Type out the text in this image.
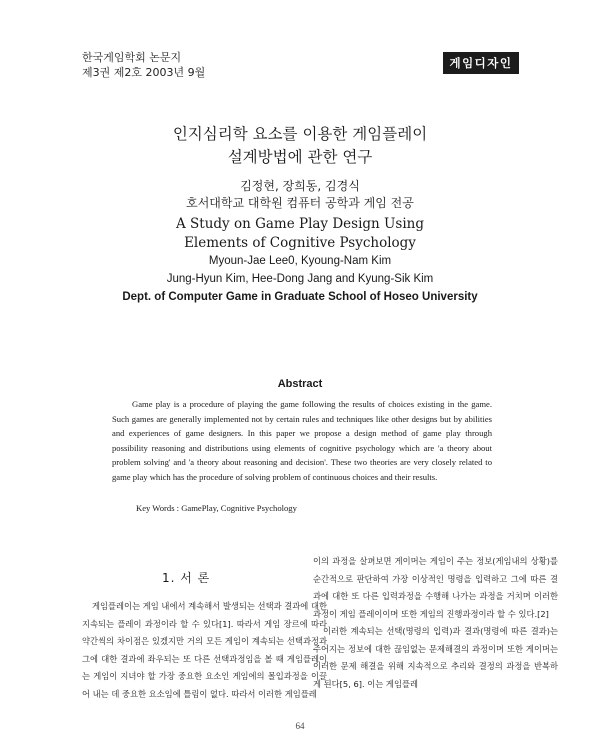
한국게임학회 논문지
제3권 제2호 2003년 9월
게임디자인
인지심리학 요소를 이용한 게임플레이
설계방법에 관한 연구
김정현, 장희동, 김경식
호서대학교 대학원 컴퓨터 공학과 게임 전공
A Study on Game Play Design Using
Elements of Cognitive Psychology
Myoun-Jae Lee0, Kyoung-Nam Kim
Jung-Hyun Kim, Hee-Dong Jang and Kyung-Sik Kim
Dept. of Computer Game in Graduate School of Hoseo University
Abstract
Game play is a procedure of playing the game following the results of choices existing in the game. Such games are generally implemented not by certain rules and techniques like other designs but by abilities and experiences of game designers. In this paper we propose a design method of game play through possibility reasoning and distributions using elements of cognitive psychology which are 'a theory about problem solving' and 'a theory about reasoning and decision'. These two theories are very closely related to game play which has the procedure of solving problem of continuous choices and their results.
Key Words : GamePlay, Cognitive Psychology
1. 서 론

게임플레이는 게임 내에서 계속해서 발생되는 선택과 결과에 대한 지속되는 플레이 과정이라 할 수 있다[1]. 따라서 게임 장르에 따라 약간씩의 차이점은 있겠지만 거의 모든 게임이 계속되는 선택과정과 그에 대한 결과에 좌우되는 또 다른 선택과정임을 볼 때 게임플레이는 게임이 지녀야 할 가장 중요한 요소인 게임에의 몰입과정을 이끌어 내는 데 중요한 요소임에 틀림이 없다. 따라서 이러한 게임플레

이의 과정을 살펴보면 게이머는 게임이 주는 정보(게임내의 상황)를 순간적으로 판단하여 가장 이상적인 명령을 입력하고 그에 따른 결과에 대한 또 다른 입력과정을 수행해 나가는 과정을 거치며 이러한 과정이 게임 플레이이며 또한 게임의 진행과정이라 할 수 있다.[2]

이러한 계속되는 선택(명령의 입력)과 결과(명령에 따른 결과)는 주어지는 정보에 대한 끊임없는 문제해결의 과정이며 또한 게이머는 이러한 문제 해결을 위해 지속적으로 추리와 결정의 과정을 반복하게 된다[5, 6]. 이는 게임플레

64
